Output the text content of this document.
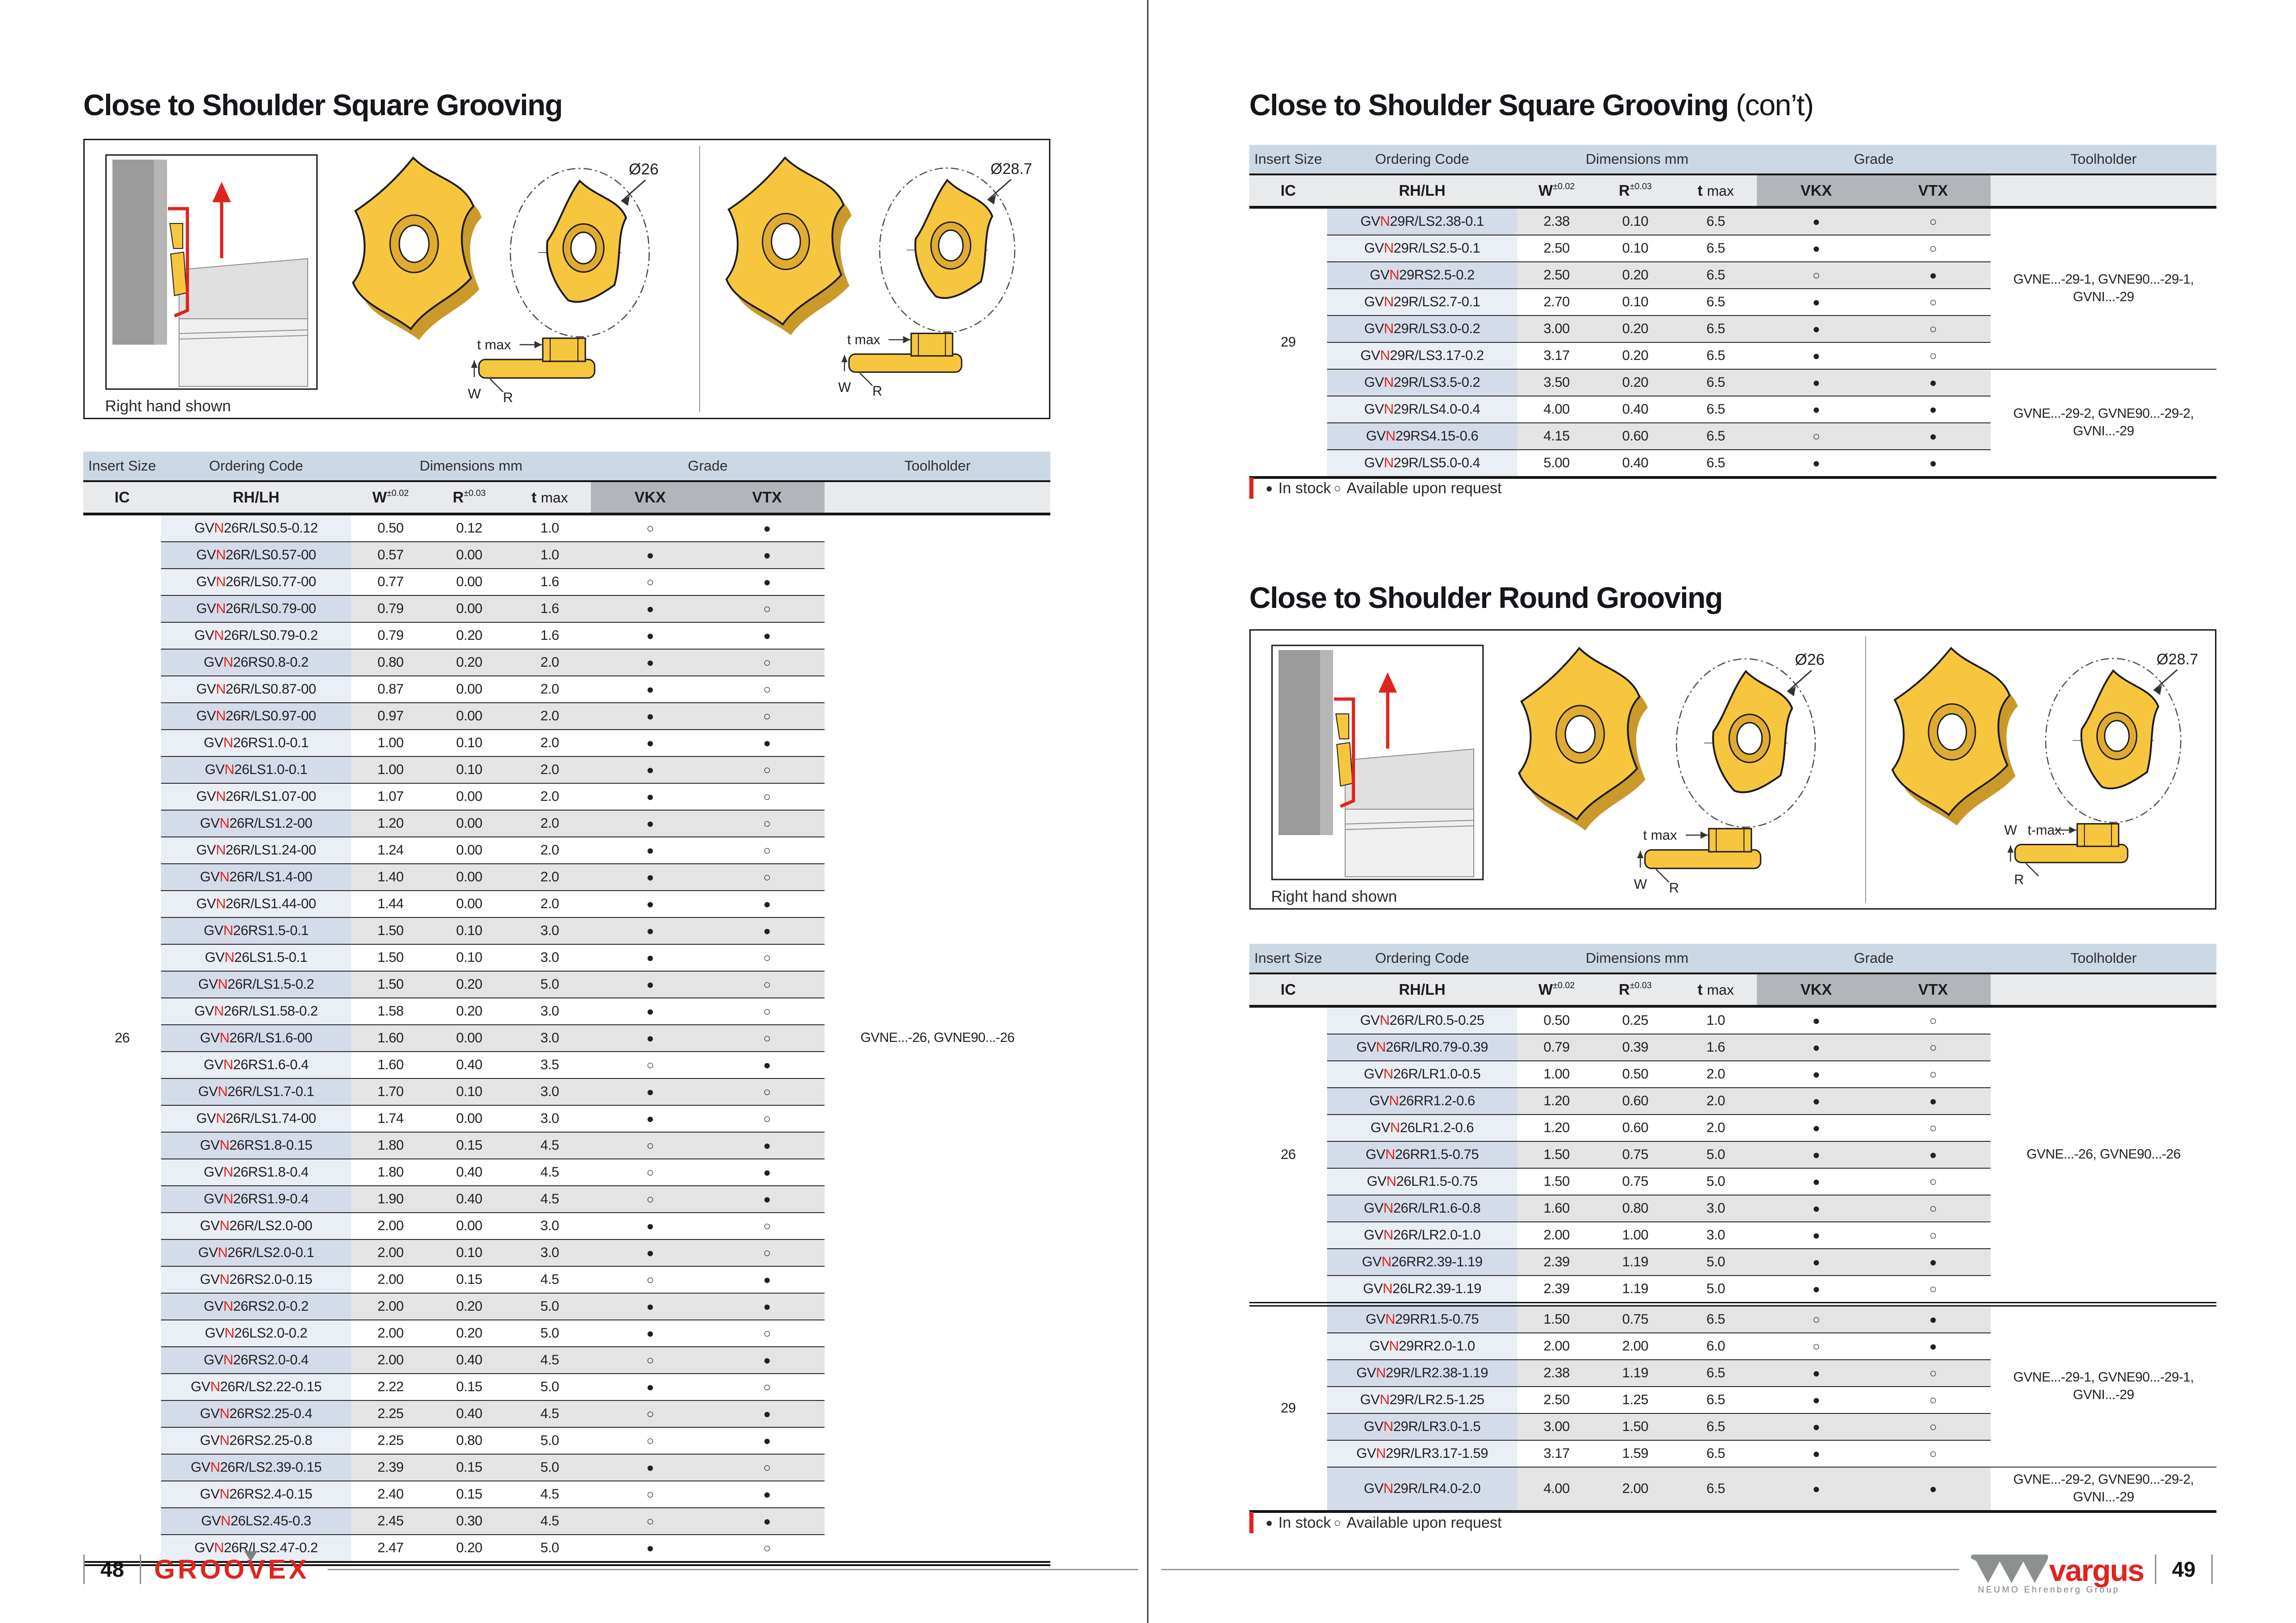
Close to Shoulder Square Grooving
Right hand shown
Ø26
t max
W R
Ø28.7
t max
W R
Insert Size	Ordering Code	Dimensions mm			Grade		Toolholder
IC	RH/LH	$W^{\pm 0.02}$	$R^{\pm 0.03}$	t max	VKX	VTX	
26	GVN26R/LS0.5-0.12	0.50	0.12	1.0	○	●	GVNE...-26, GVNE90...-26
	GVN26R/LS0.57-00	0.57	0.00	1.0	●	●	
	GVN26R/LS0.77-00	0.77	0.00	1.6	○	●	
	GVN26R/LS0.79-00	0.79	0.00	1.6	●	○	
	GVN26R/LS0.79-0.2	0.79	0.20	1.6	●	●	
	GVN26RS0.8-0.2	0.80	0.20	2.0	●	○	
	GVN26R/LS0.87-00	0.87	0.00	2.0	●	○	
	GVN26R/LS0.97-00	0.97	0.00	2.0	●	○	
	GVN26RS1.0-0.1	1.00	0.10	2.0	●	●	
	GVN26LS1.0-0.1	1.00	0.10	2.0	●	○	
	GVN26R/LS1.07-00	1.07	0.00	2.0	●	○	
	GVN26R/LS1.2-00	1.20	0.00	2.0	●	○	
	GVN26R/LS1.24-00	1.24	0.00	2.0	●	○	
	GVN26R/LS1.4-00	1.40	0.00	2.0	●	○	
	GVN26R/LS1.44-00	1.44	0.00	2.0	●	●	
	GVN26RS1.5-0.1	1.50	0.10	3.0	●	●	
	GVN26LS1.5-0.1	1.50	0.10	3.0	●	○	
	GVN26R/LS1.5-0.2	1.50	0.20	5.0	●	○	
	GVN26R/LS1.58-0.2	1.58	0.20	3.0	●	○	
	GVN26R/LS1.6-00	1.60	0.00	3.0	●	○	
	GVN26RS1.6-0.4	1.60	0.40	3.5	○	●	
	GVN26R/LS1.7-0.1	1.70	0.10	3.0	●	○	
	GVN26R/LS1.74-00	1.74	0.00	3.0	●	○	
	GVN26RS1.8-0.15	1.80	0.15	4.5	○	●	
	GVN26RS1.8-0.4	1.80	0.40	4.5	○	●	
	GVN26RS1.9-0.4	1.90	0.40	4.5	○	●	
	GVN26R/LS2.0-00	2.00	0.00	3.0	●	○	
	GVN26R/LS2.0-0.1	2.00	0.10	3.0	●	○	
	GVN26RS2.0-0.15	2.00	0.15	4.5	○	●	
	GVN26RS2.0-0.2	2.00	0.20	5.0	●	●	
	GVN26LS2.0-0.2	2.00	0.20	5.0	●	○	
	GVN26RS2.0-0.4	2.00	0.40	4.5	○	●	
	GVN26R/LS2.22-0.15	2.22	0.15	5.0	●	○	
	GVN26RS2.25-0.4	2.25	0.40	4.5	○	●	
	GVN26RS2.25-0.8	2.25	0.80	5.0	○	●	
	GVN26R/LS2.39-0.15	2.39	0.15	5.0	●	○	
	GVN26RS2.4-0.15	2.40	0.15	4.5	○	●	
	GVN26LS2.45-0.3	2.45	0.30	4.5	○	●	
	GVN26R/LS2.47-0.2	2.47	0.20	5.0	●	○	
Close to Shoulder Square Grooving (con’t)
Insert Size	Ordering Code	Dimensions mm			Grade		Toolholder
IC	RH/LH	$W^{\pm 0.02}$	$R^{\pm 0.03}$	t max	VKX	VTX	
29	GVN29R/LS2.38-0.1	2.38	0.10	6.5	●	○	GVNE...-29-1, GVNE90...-29-1, GVNI...-29
	GVN29R/LS2.5-0.1	2.50	0.10	6.5	●	○	
	GVN29RS2.5-0.2	2.50	0.20	6.5	○	●	
	GVN29R/LS2.7-0.1	2.70	0.10	6.5	●	○	
	GVN29R/LS3.0-0.2	3.00	0.20	6.5	●	○	
	GVN29R/LS3.17-0.2	3.17	0.20	6.5	●	○	
	GVN29R/LS3.5-0.2	3.50	0.20	6.5	●	●	GVNE...-29-2, GVNE90...-29-2, GVNI...-29
	GVN29R/LS4.0-0.4	4.00	0.40	6.5	●	●	
	GVN29RS4.15-0.6	4.15	0.60	6.5	○	●	
	GVN29R/LS5.0-0.4	5.00	0.40	6.5	●	●	
● In stock ○ Available upon request
Close to Shoulder Round Grooving
Right hand shown
Ø26
t max
W R
Ø28.7
t-max.
W
R
Insert Size	Ordering Code	Dimensions mm			Grade		Toolholder
IC	RH/LH	$W^{\pm 0.02}$	$R^{\pm 0.03}$	t max	VKX	VTX	
26	GVN26R/LR0.5-0.25	0.50	0.25	1.0	●	○	GVNE...-26, GVNE90...-26
	GVN26R/LR0.79-0.39	0.79	0.39	1.6	●	○	
	GVN26R/LR1.0-0.5	1.00	0.50	2.0	●	○	
	GVN26RR1.2-0.6	1.20	0.60	2.0	●	●	
	GVN26LR1.2-0.6	1.20	0.60	2.0	●	○	
	GVN26RR1.5-0.75	1.50	0.75	5.0	●	●	
	GVN26LR1.5-0.75	1.50	0.75	5.0	●	○	
	GVN26R/LR1.6-0.8	1.60	0.80	3.0	●	○	
	GVN26R/LR2.0-1.0	2.00	1.00	3.0	●	○	
	GVN26RR2.39-1.19	2.39	1.19	5.0	●	●	
	GVN26LR2.39-1.19	2.39	1.19	5.0	●	○	
29	GVN29RR1.5-0.75	1.50	0.75	6.5	○	●	GVNE...-29-1, GVNE90...-29-1, GVNI...-29
	GVN29RR2.0-1.0	2.00	2.00	6.0	○	●	
	GVN29R/LR2.38-1.19	2.38	1.19	6.5	●	○	
	GVN29R/LR2.5-1.25	2.50	1.25	6.5	●	○	
	GVN29R/LR3.0-1.5	3.00	1.50	6.5	●	○	
	GVN29R/LR3.17-1.59	3.17	1.59	6.5	●	○	
	GVN29R/LR4.0-2.0	4.00	2.00	6.5	●	●	GVNE...-29-2, GVNE90...-29-2, GVNI...-29
● In stock ○ Available upon request
48	GROOVEX	vargus
NEUMO Ehrenberg Group
49
